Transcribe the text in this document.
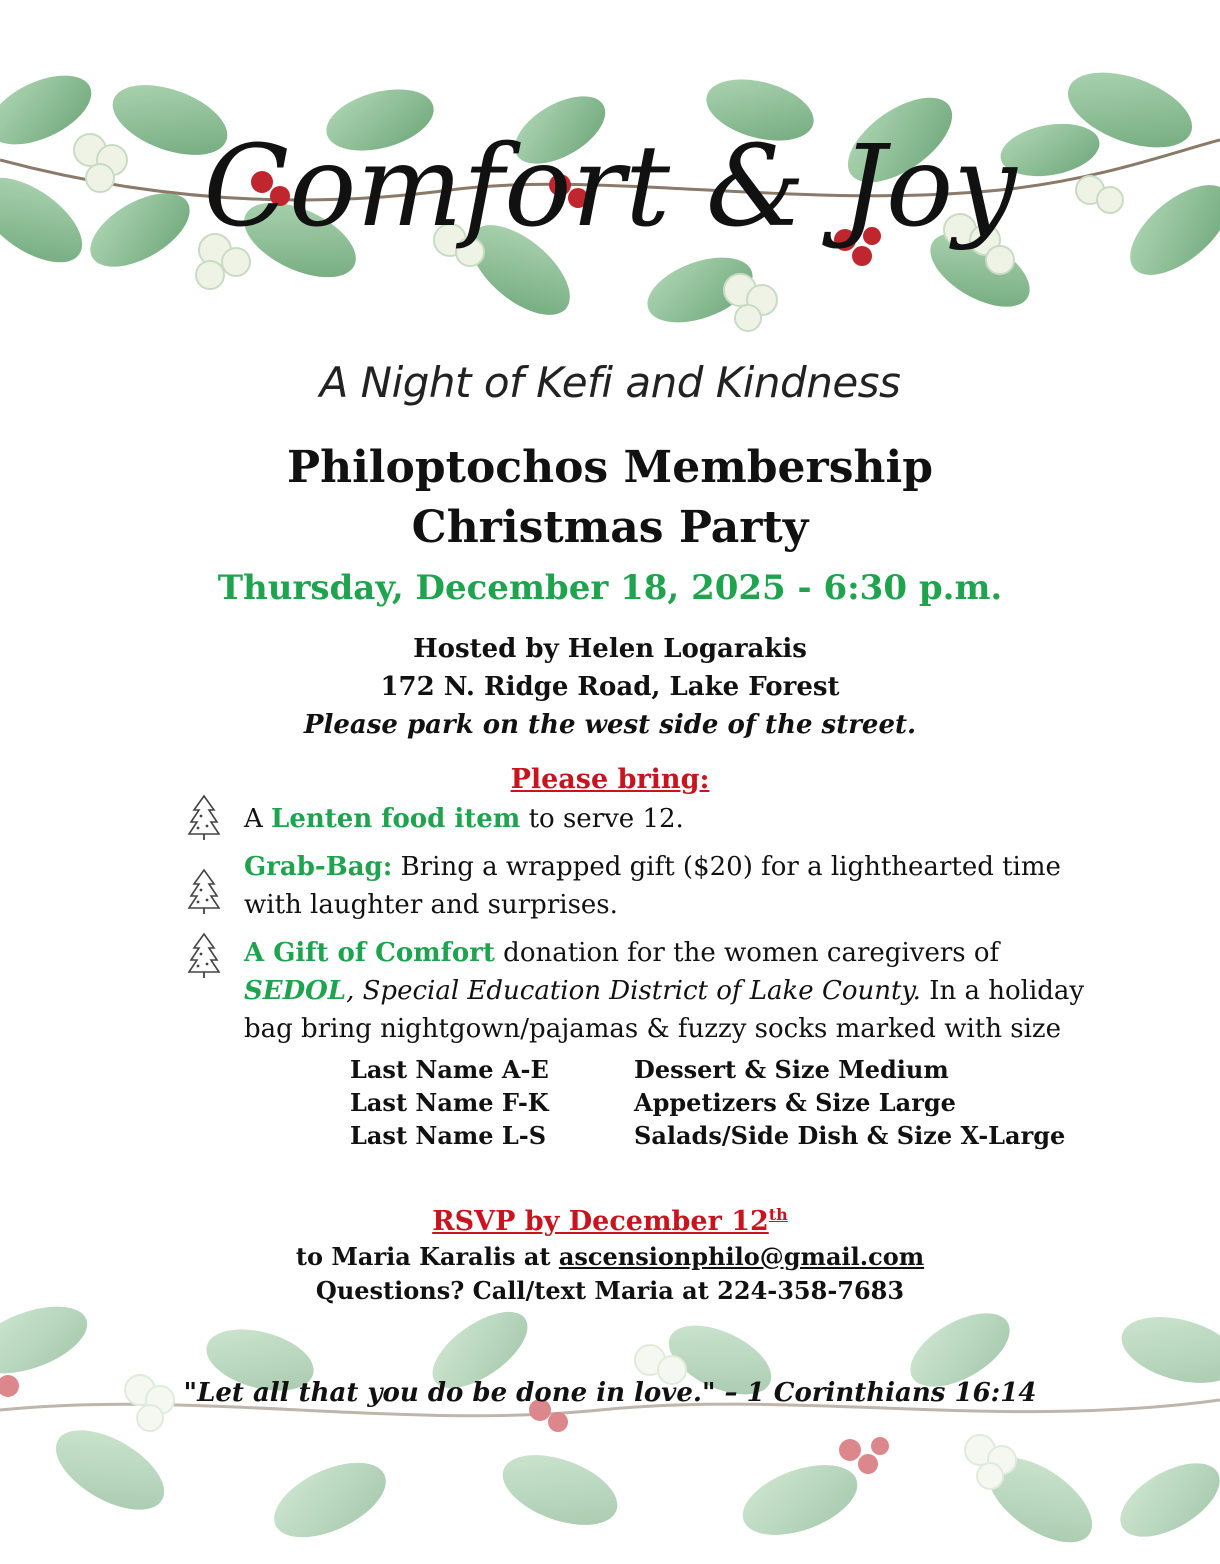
Comfort & Joy
A Night of Kefi and Kindness
Philoptochos Membership
Christmas Party
Thursday, December 18, 2025 - 6:30 p.m.
Hosted by Helen Logarakis
172 N. Ridge Road, Lake Forest
Please park on the west side of the street.
Please bring:
A Lenten food item to serve 12.
Grab-Bag: Bring a wrapped gift ($20) for a lighthearted time with laughter and surprises.
A Gift of Comfort donation for the women caregivers of SEDOL, Special Education District of Lake County. In a holiday bag bring nightgown/pajamas & fuzzy socks marked with size
Last Name A-E	Dessert & Size Medium
Last Name F-K	Appetizers & Size Large
Last Name L-S	Salads/Side Dish & Size X-Large
RSVP by December 12th
to Maria Karalis at ascensionphilo@gmail.com
Questions? Call/text Maria at 224-358-7683
"Let all that you do be done in love." – 1 Corinthians 16:14
